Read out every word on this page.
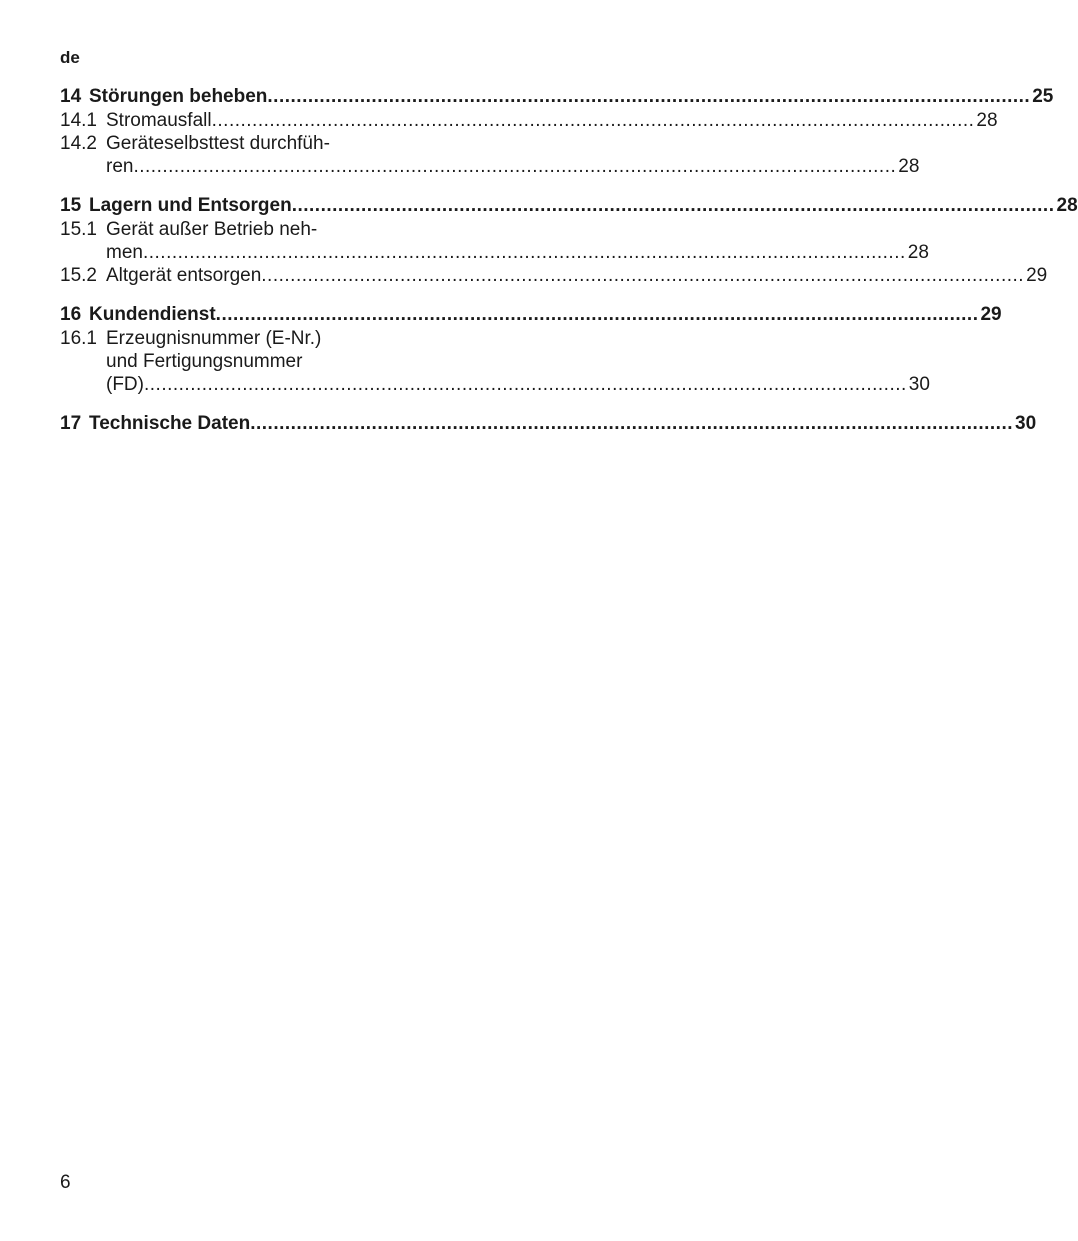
de
14 Störungen beheben .....	25
14.1 Stromausfall .....	28
14.2 Geräteselbsttest durchfüh-
ren .....	28
15 Lagern und Entsorgen .....	28
15.1 Gerät außer Betrieb neh-
men .....	28
15.2 Altgerät entsorgen .....	29
16 Kundendienst .....	29
16.1 Erzeugnisnummer (E-Nr.)
und Fertigungsnummer
(FD) .....	30
17 Technische Daten .....	30
6
